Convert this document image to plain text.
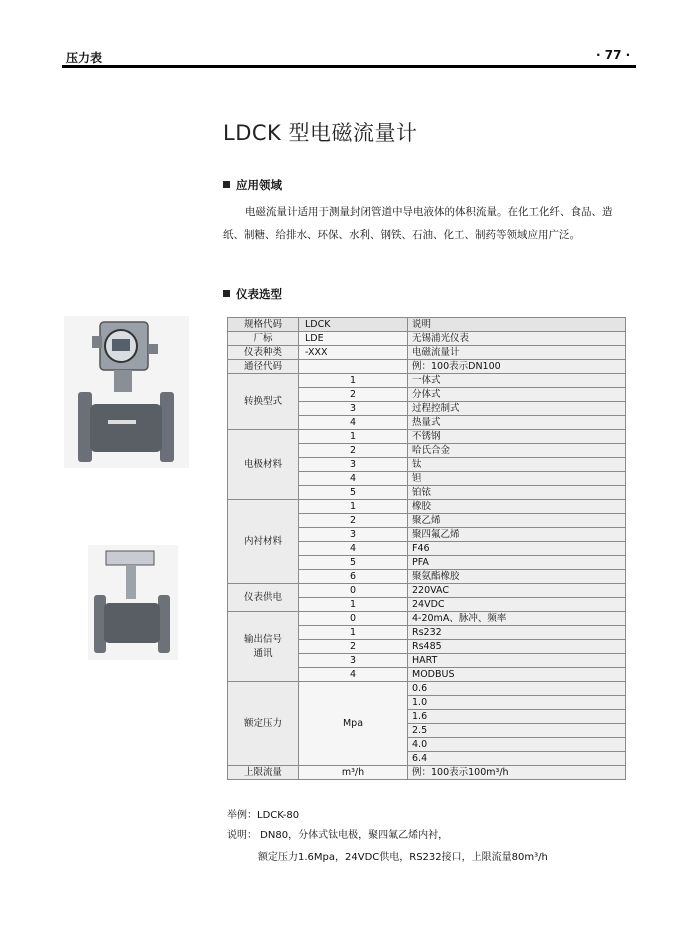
压力表	· 77 ·
LDCK 型电磁流量计
应用领域
电磁流量计适用于测量封闭管道中导电液体的体积流量。在化工化纤、食品、造纸、制糖、给排水、环保、水利、钢铁、石油、化工、制药等领域应用广泛。
仪表选型
规格代码	LDCK	说明
厂标	LDE	无锡浦光仪表
仪表种类	-XXX	电磁流量计
通径代码		例：100表示DN100
转换型式	1	一体式
	2	分体式
	3	过程控制式
	4	热量式
电极材料	1	不锈钢
	2	哈氏合金
	3	钛
	4	钽
	5	铂铱
内衬材料	1	橡胶
	2	聚乙烯
	3	聚四氟乙烯
	4	F46
	5	PFA
	6	聚氨酯橡胶
仪表供电	0	220VAC
	1	24VDC
输出信号
通讯	0	4-20mA、脉冲、频率
	1	Rs232
	2	Rs485
	3	HART
	4	MODBUS
额定压力	Mpa	0.6
		1.0
		1.6
		2.5
		4.0
		6.4
上限流量	m³/h	例：100表示100m³/h
举例：LDCK-80
说明： DN80，分体式钛电极，聚四氟乙烯内衬，
额定压力1.6Mpa，24VDC供电，RS232接口，上限流量80m³/h
